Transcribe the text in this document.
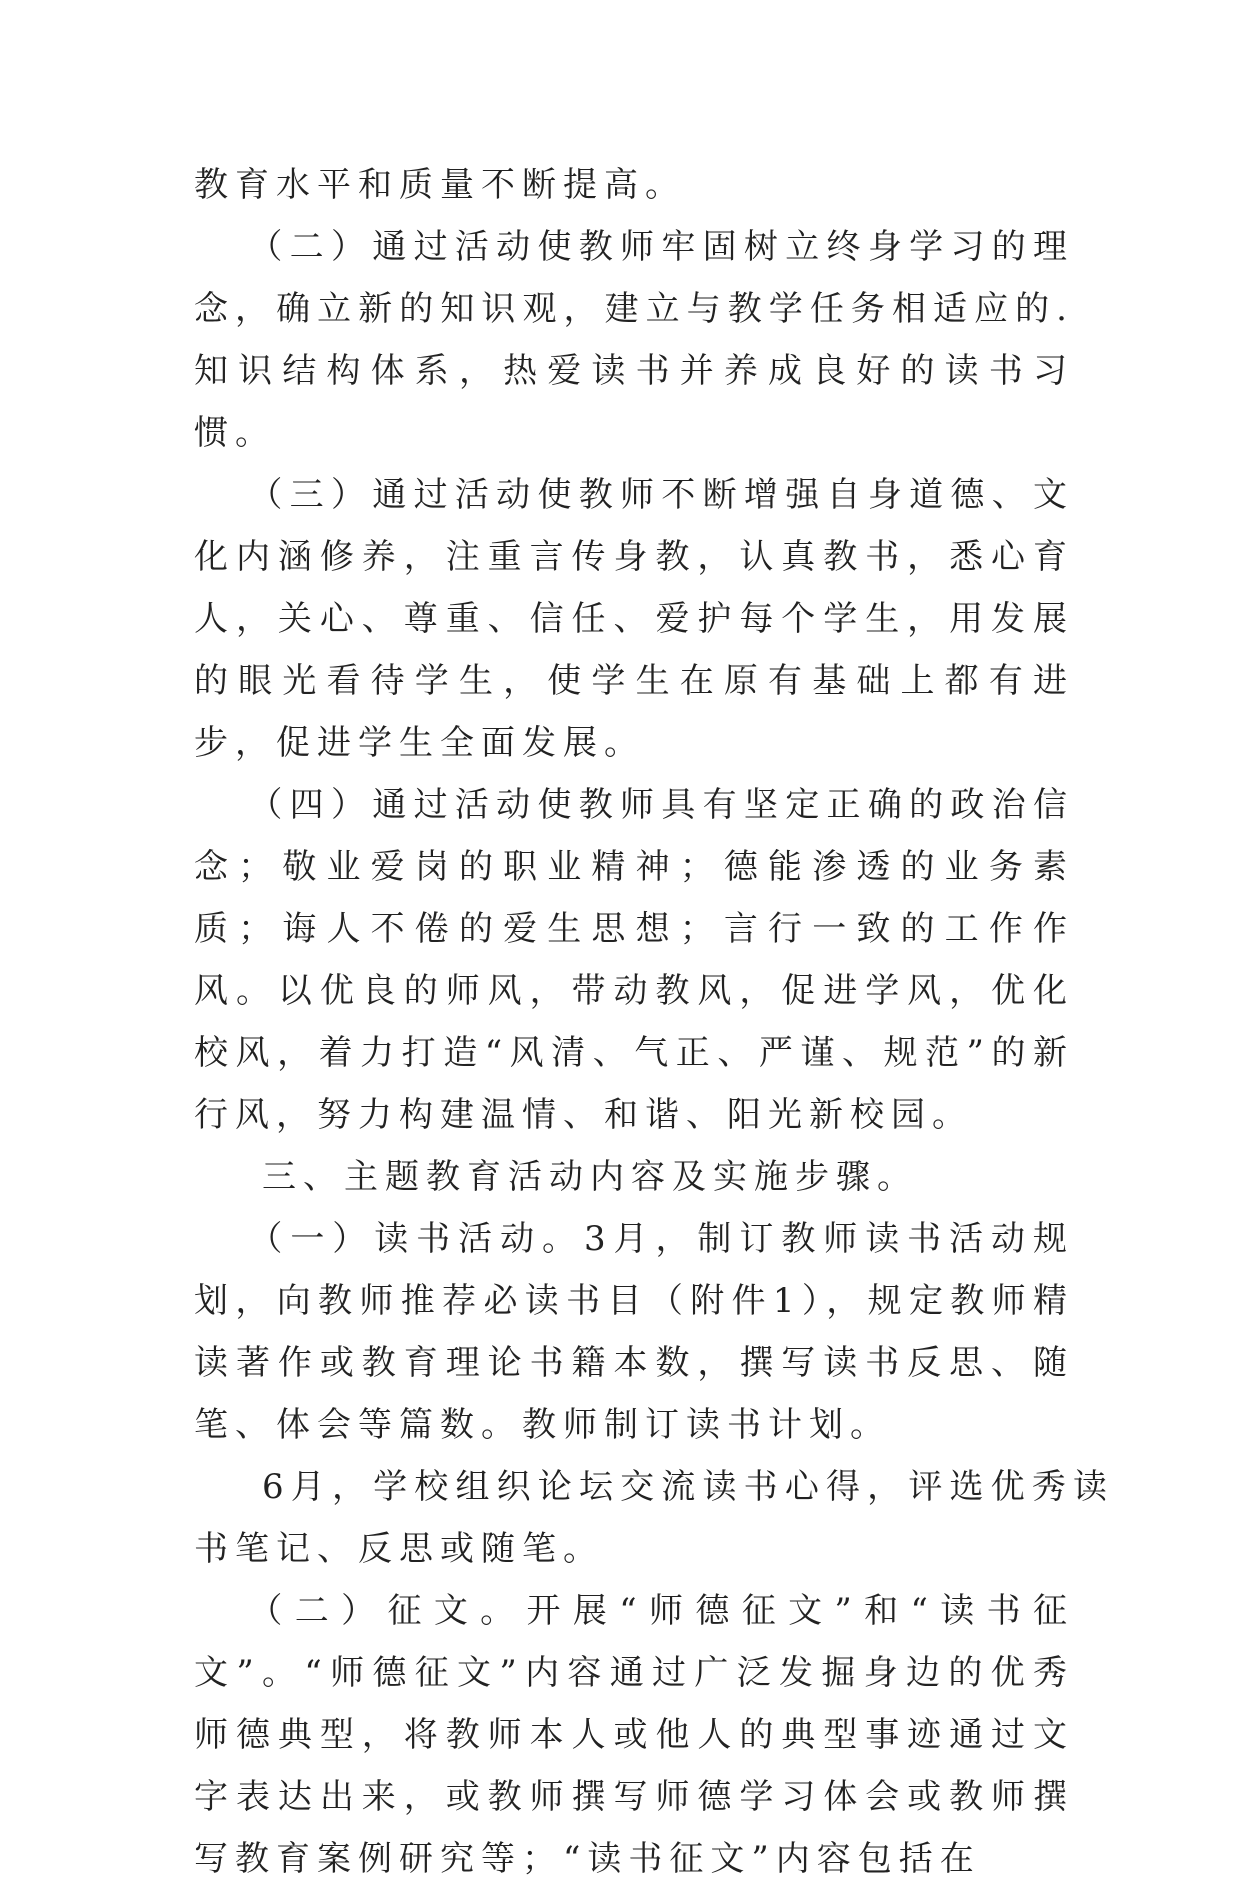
教育水平和质量不断提高。

（二）通过活动使教师牢固树立终身学习的理念，确立新的知识观，建立与教学任务相适应的.知识结构体系，热爱读书并养成良好的读书习惯。

（三）通过活动使教师不断增强自身道德、文化内涵修养，注重言传身教，认真教书，悉心育人，关心、尊重、信任、爱护每个学生，用发展的眼光看待学生，使学生在原有基础上都有进步，促进学生全面发展。

（四）通过活动使教师具有坚定正确的政治信念；敬业爱岗的职业精神；德能渗透的业务素质；诲人不倦的爱生思想；言行一致的工作作风。以优良的师风，带动教风，促进学风，优化校风，着力打造“风清、气正、严谨、规范”的新行风，努力构建温情、和谐、阳光新校园。

三、主题教育活动内容及实施步骤。

（一）读书活动。3月，制订教师读书活动规划，向教师推荐必读书目（附件1），规定教师精读著作或教育理论书籍本数，撰写读书反思、随笔、体会等篇数。教师制订读书计划。

6月，学校组织论坛交流读书心得，评选优秀读书笔记、反思或随笔。

（二）征文。开展“师德征文”和“读书征文”。“师德征文”内容通过广泛发掘身边的优秀师德典型，将教师本人或他人的典型事迹通过文字表达出来，或教师撰写师德学习体会或教师撰写教育案例研究等；“读书征文”内容包括在
